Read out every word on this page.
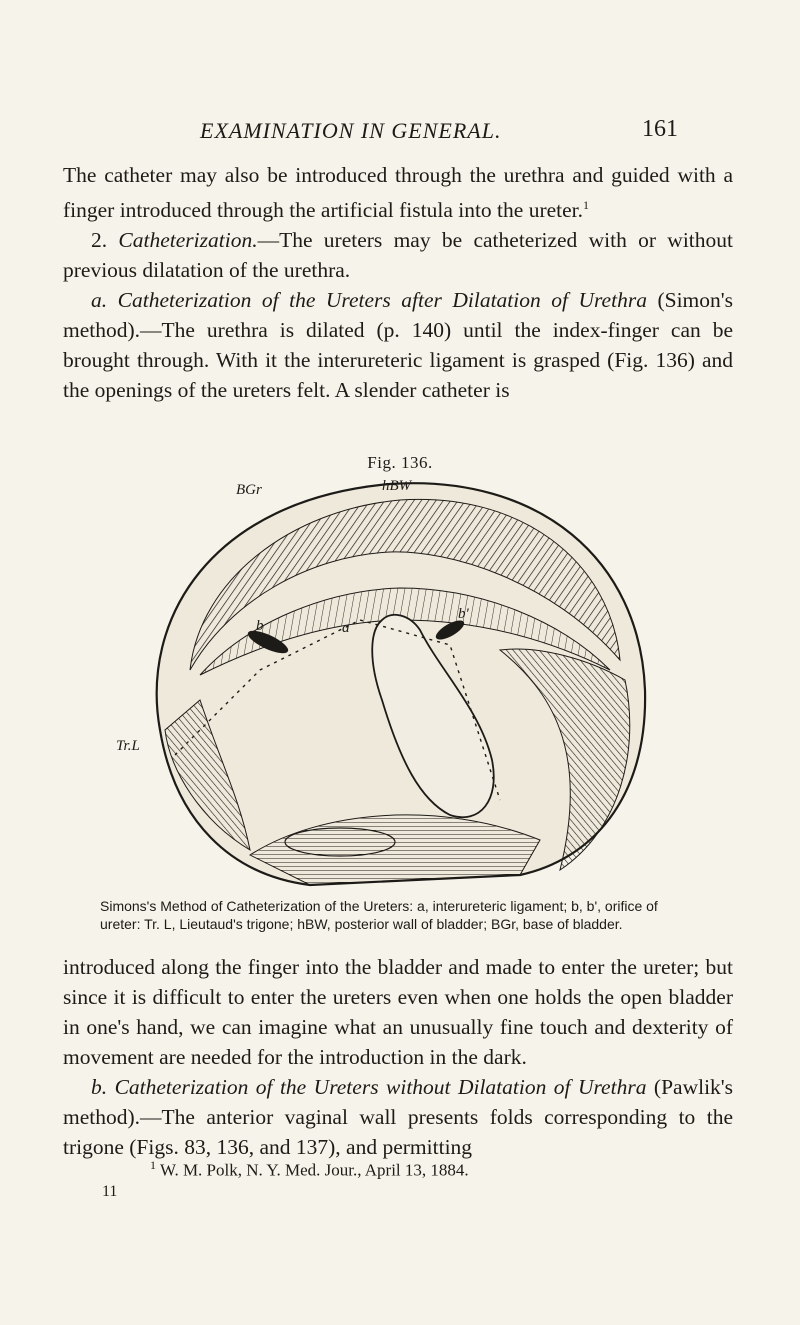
EXAMINATION IN GENERAL.	161

The catheter may also be introduced through the urethra and guided with a finger introduced through the artificial fistula into the ureter.$^1$

2. Catheterization.—The ureters may be catheterized with or without previous dilatation of the urethra.

a. Catheterization of the Ureters after Dilatation of Urethra (Simon's method).—The urethra is dilated (p. 140) until the index-finger can be brought through. With it the interureteric ligament is grasped (Fig. 136) and the openings of the ureters felt. A slender catheter is

Fig. 136.
BGr	hBW
Tr.L
a
b
b'
Simons's Method of Catheterization of the Ureters: a, interureteric ligament; b, b', orifice of ureter: Tr. L, Lieutaud's trigone; hBW, posterior wall of bladder; BGr, base of bladder.

introduced along the finger into the bladder and made to enter the ureter; but since it is difficult to enter the ureters even when one holds the open bladder in one's hand, we can imagine what an unusually fine touch and dexterity of movement are needed for the introduction in the dark.

b. Catheterization of the Ureters without Dilatation of Urethra (Pawlik's method).—The anterior vaginal wall presents folds corresponding to the trigone (Figs. 83, 136, and 137), and permitting

$^1$ W. M. Polk, N. Y. Med. Jour., April 13, 1884.
11
